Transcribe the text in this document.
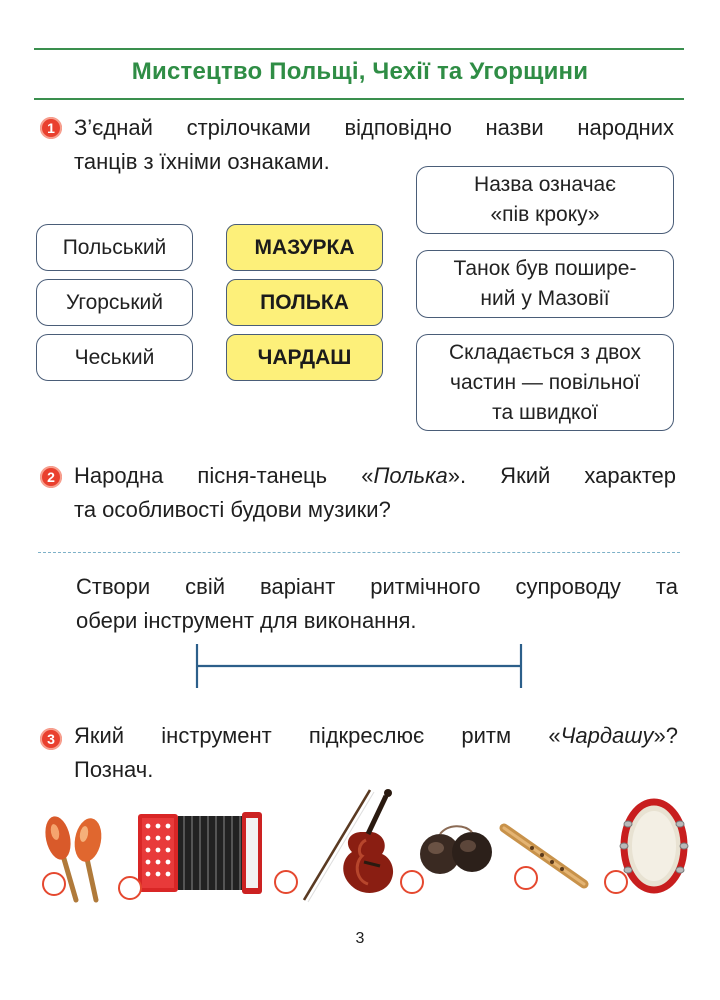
Мистецтво Польщі, Чехії та Угорщини
1 З’єднай стрілочками відповідно назви народних
танців з їхніми ознаками.
Польський
Угорський
Чеський
МАЗУРКА
ПОЛЬКА
ЧАРДАШ
Назва означає
«пів кроку»
Танок був пошире-
ний у Мазовії
Складається з двох
частин — повільної
та швидкої
2 Народна пісня-танець «Полька». Який характер
та особливості будови музики?
Створи свій варіант ритмічного супроводу та
обери інструмент для виконання.
3 Який інструмент підкреслює ритм «Чардашу»?
Познач.
3
